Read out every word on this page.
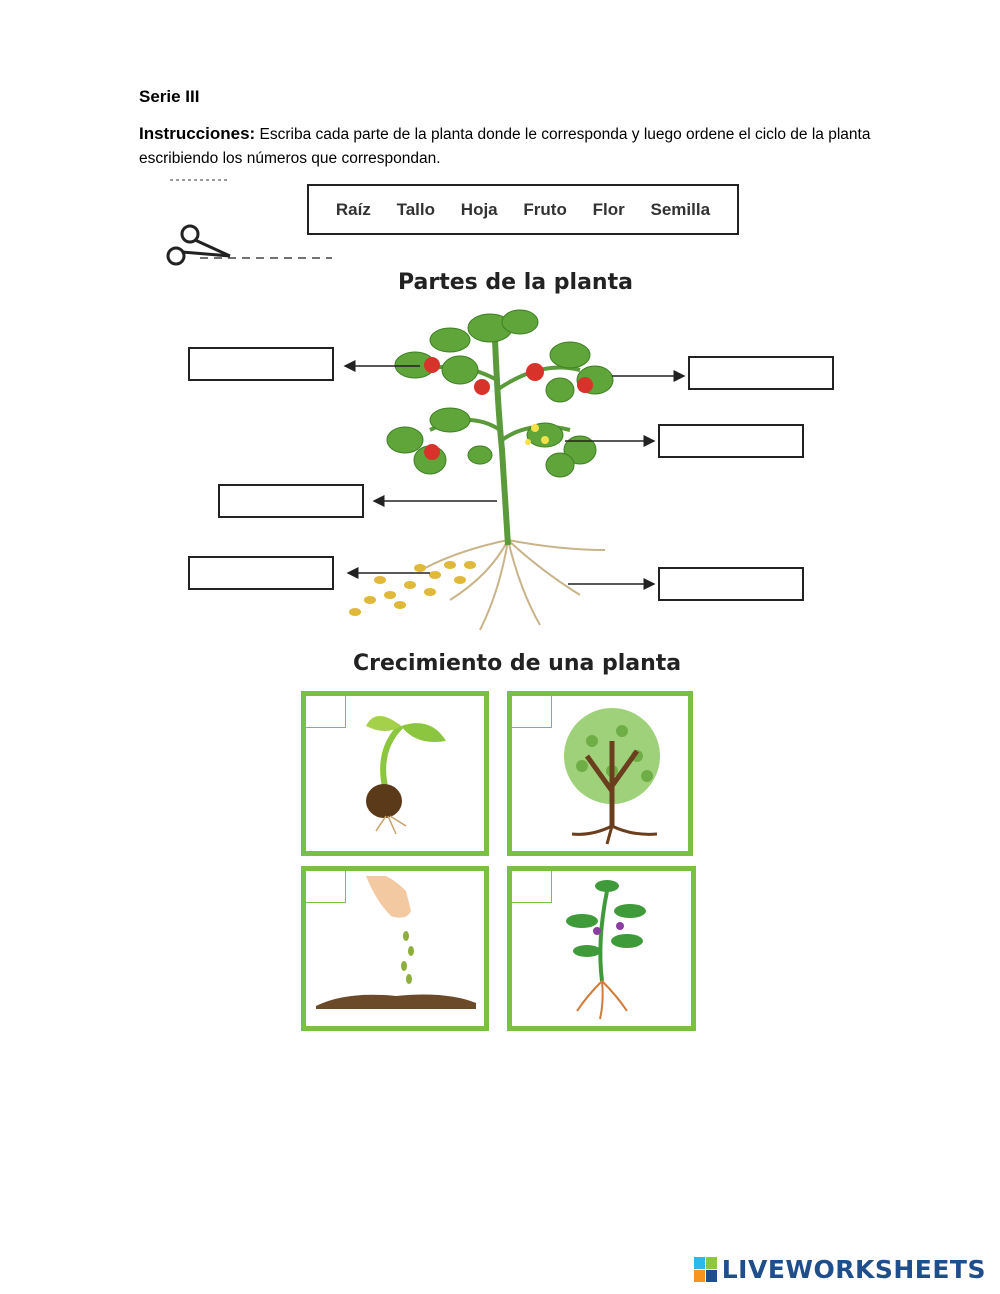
Serie III
Instrucciones: Escriba cada parte de la planta donde le corresponda y luego ordene el ciclo de la planta escribiendo los números que correspondan.
Raíz Tallo Hoja Fruto Flor Semilla
Partes de la planta
Crecimiento de una planta
LIVEWORKSHEETS
